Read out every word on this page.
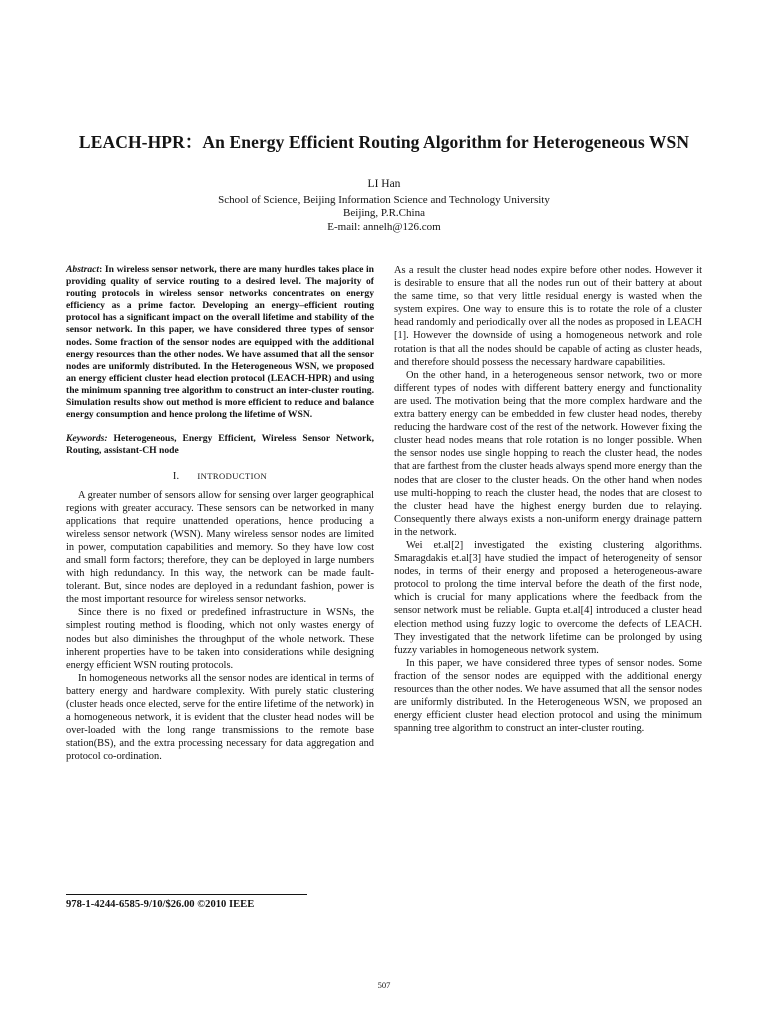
LEACH-HPR：An Energy Efficient Routing Algorithm for Heterogeneous WSN
LI Han
School of Science, Beijing Information Science and Technology University
Beijing, P.R.China
E-mail: annelh@126.com

Abstract: In wireless sensor network, there are many hurdles takes place in providing quality of service routing to a desired level. The majority of routing protocols in wireless sensor networks concentrates on energy efficiency as a prime factor. Developing an energy–efficient routing protocol has a significant impact on the overall lifetime and stability of the sensor network. In this paper, we have considered three types of sensor nodes. Some fraction of the sensor nodes are equipped with the additional energy resources than the other nodes. We have assumed that all the sensor nodes are uniformly distributed. In the Heterogeneous WSN, we proposed an energy efficient cluster head election protocol (LEACH-HPR) and using the minimum spanning tree algorithm to construct an inter-cluster routing. Simulation results show out method is more efficient to reduce and balance energy consumption and hence prolong the lifetime of WSN.

Keywords: Heterogeneous, Energy Efficient, Wireless Sensor Network, Routing, assistant-CH node

I. INTRODUCTION

A greater number of sensors allow for sensing over larger geographical regions with greater accuracy. These sensors can be networked in many applications that require unattended operations, hence producing a wireless sensor network (WSN). Many wireless sensor nodes are limited in power, computation capabilities and memory. So they have low cost and small form factors; therefore, they can be deployed in large numbers with high redundancy. In this way, the network can be made fault-tolerant. But, since nodes are deployed in a redundant fashion, power is the most important resource for wireless sensor networks.

Since there is no fixed or predefined infrastructure in WSNs, the simplest routing method is flooding, which not only wastes energy of nodes but also diminishes the throughput of the whole network. These inherent properties have to be taken into considerations while designing energy efficient WSN routing protocols.

In homogeneous networks all the sensor nodes are identical in terms of battery energy and hardware complexity. With purely static clustering (cluster heads once elected, serve for the entire lifetime of the network) in a homogeneous network, it is evident that the cluster head nodes will be over-loaded with the long range transmissions to the remote base station(BS), and the extra processing necessary for data aggregation and protocol co-ordination.

As a result the cluster head nodes expire before other nodes. However it is desirable to ensure that all the nodes run out of their battery at about the same time, so that very little residual energy is wasted when the system expires. One way to ensure this is to rotate the role of a cluster head randomly and periodically over all the nodes as proposed in LEACH [1]. However the downside of using a homogeneous network and role rotation is that all the nodes should be capable of acting as cluster heads, and therefore should possess the necessary hardware capabilities.

On the other hand, in a heterogeneous sensor network, two or more different types of nodes with different battery energy and functionality are used. The motivation being that the more complex hardware and the extra battery energy can be embedded in few cluster head nodes, thereby reducing the hardware cost of the rest of the network. However fixing the cluster head nodes means that role rotation is no longer possible. When the sensor nodes use single hopping to reach the cluster head, the nodes that are farthest from the cluster heads always spend more energy than the nodes that are closer to the cluster heads. On the other hand when nodes use multi-hopping to reach the cluster head, the nodes that are closest to the cluster head have the highest energy burden due to relaying. Consequently there always exists a non-uniform energy drainage pattern in the network.

Wei et.al[2] investigated the existing clustering algorithms. Smaragdakis et.al[3] have studied the impact of heterogeneity of sensor nodes, in terms of their energy and proposed a heterogeneous-aware protocol to prolong the time interval before the death of the first node, which is crucial for many applications where the feedback from the sensor network must be reliable. Gupta et.al[4] introduced a cluster head election method using fuzzy logic to overcome the defects of LEACH. They investigated that the network lifetime can be prolonged by using fuzzy variables in homogeneous network system.

In this paper, we have considered three types of sensor nodes. Some fraction of the sensor nodes are equipped with the additional energy resources than the other nodes. We have assumed that all the sensor nodes are uniformly distributed. In the Heterogeneous WSN, we proposed an energy efficient cluster head election protocol and using the minimum spanning tree algorithm to construct an inter-cluster routing.

978-1-4244-6585-9/10/$26.00 ©2010 IEEE
507
